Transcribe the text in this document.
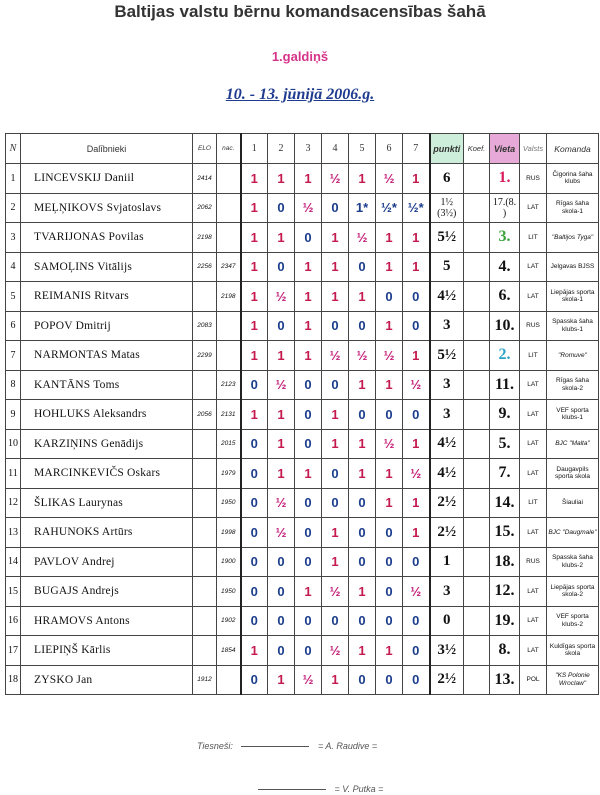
Baltijas valstu bērnu komandsacensības šahā
1.galdiņš
10. - 13. jūnijā 2006.g.
N	Dalībnieki	ELO	nac.	1	2	3	4	5	6	7	punkti	Koef.	Vieta	Valsts	Komanda
1	LINCEVSKIJ Daniil	2414		1	1	1	½	1	½	1	6		1.	RUS	Čigorina šaha klubs
2	MEĻŅIKOVS Svjatoslavs	2062		1	0	½	0	1*	½*	½*	1½ (3½)		17.(8. )	LAT	Rīgas šaha skola-1
3	TVARIJONAS Povilas	2198		1	1	0	1	½	1	1	5½		3.	LIT	"Baltijos Tyga"
4	SAMOĻINS Vitālijs	2256	2347	1	0	1	1	0	1	1	5		4.	LAT	Jelgavas BJSS
5	REIMANIS Ritvars		2198	1	½	1	1	1	0	0	4½		6.	LAT	Liepājas sporta skola-1
6	POPOV Dmitrij	2083		1	0	1	0	0	1	0	3		10.	RUS	Spasska šaha klubs-1
7	NARMONTAS Matas	2299		1	1	1	½	½	½	1	5½		2.	LIT	"Romuve"
8	KANTĀNS Toms		2123	0	½	0	0	1	1	½	3		11.	LAT	Rīgas šaha skola-2
9	HOHLUKS Aleksandrs	2056	2131	1	1	0	1	0	0	0	3		9.	LAT	VEF sporta klubs-1
10	KARZIŅINS Genādijs		2015	0	1	0	1	1	½	1	4½		5.	LAT	BJC "Malta"
11	MARCINKEVIČS Oskars		1979	0	1	1	0	1	1	½	4½		7.	LAT	Daugavpils sporta skola
12	ŠLIKAS Laurynas		1950	0	½	0	0	0	1	1	2½		14.	LIT	Šiauliai
13	RAHUNOKS Artūrs		1998	0	½	0	1	0	0	1	2½		15.	LAT	BJC "Daugmale"
14	PAVLOV Andrej		1900	0	0	0	1	0	0	0	1		18.	RUS	Spasska šaha klubs-2
15	BUGAJS Andrejs		1950	0	0	1	½	1	0	½	3		12.	LAT	Liepājas sporta skola-2
16	HRAMOVS Antons		1902	0	0	0	0	0	0	0	0		19.	LAT	VEF sporta klubs-2
17	LIEPIŅŠ Kārlis		1854	1	0	0	½	1	1	0	3½		8.	LAT	Kuldīgas sporta skola
18	ZYSKO Jan	1912		0	1	½	1	0	0	0	2½		13.	POL	"KS Polonie Wroclaw"
Tiesneši:	= A. Raudive =
= V. Putka =
